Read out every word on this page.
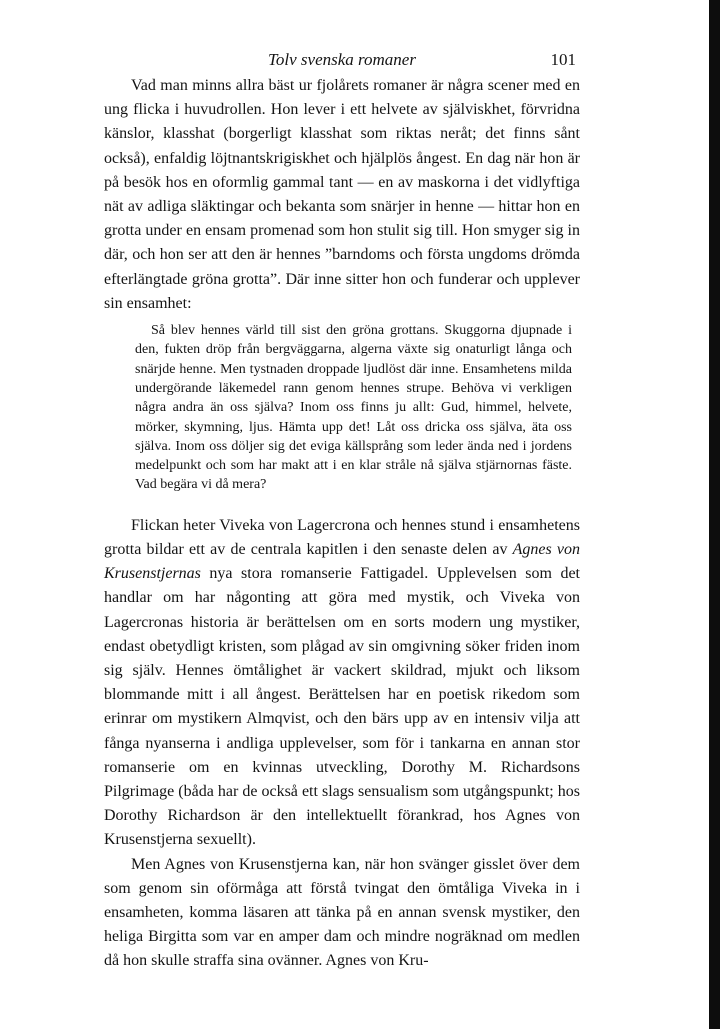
Tolv svenska romaner	101

Vad man minns allra bäst ur fjolårets romaner är några scener med en ung flicka i huvudrollen. Hon lever i ett helvete av själviskhet, förvridna känslor, klasshat (borgerligt klasshat som riktas neråt; det finns sånt också), enfaldig löjtnantskrigiskhet och hjälplös ångest. En dag när hon är på besök hos en oformlig gammal tant — en av maskorna i det vidlyftiga nät av adliga släktingar och bekanta som snärjer in henne — hittar hon en grotta under en ensam promenad som hon stulit sig till. Hon smyger sig in där, och hon ser att den är hennes ”barndoms och första ungdoms drömda efterlängtade gröna grotta”. Där inne sitter hon och funderar och upplever sin ensamhet:

Så blev hennes värld till sist den gröna grottans. Skuggorna djupnade i den, fukten dröp från bergväggarna, algerna växte sig onaturligt långa och snärjde henne. Men tystnaden droppade ljudlöst där inne. Ensamhetens milda undergörande läkemedel rann genom hennes strupe. Behöva vi verkligen några andra än oss själva? Inom oss finns ju allt: Gud, himmel, helvete, mörker, skymning, ljus. Hämta upp det! Låt oss dricka oss själva, äta oss själva. Inom oss döljer sig det eviga källsprång som leder ända ned i jordens medelpunkt och som har makt att i en klar stråle nå själva stjärnornas fäste. Vad begära vi då mera?

Flickan heter Viveka von Lagercrona och hennes stund i ensamhetens grotta bildar ett av de centrala kapitlen i den senaste delen av Agnes von Krusenstjernas nya stora romanserie Fattigadel. Upplevelsen som det handlar om har någonting att göra med mystik, och Viveka von Lagercronas historia är berättelsen om en sorts modern ung mystiker, endast obetydligt kristen, som plågad av sin omgivning söker friden inom sig själv. Hennes ömtålighet är vackert skildrad, mjukt och liksom blommande mitt i all ångest. Berättelsen har en poetisk rikedom som erinrar om mystikern Almqvist, och den bärs upp av en intensiv vilja att fånga nyanserna i andliga upplevelser, som för i tankarna en annan stor romanserie om en kvinnas utveckling, Dorothy M. Richardsons Pilgrimage (båda har de också ett slags sensualism som utgångspunkt; hos Dorothy Richardson är den intellektuellt förankrad, hos Agnes von Krusenstjerna sexuellt).

Men Agnes von Krusenstjerna kan, när hon svänger gisslet över dem som genom sin oförmåga att förstå tvingat den ömtåliga Viveka in i ensamheten, komma läsaren att tänka på en annan svensk mystiker, den heliga Birgitta som var en amper dam och mindre nogräknad om medlen då hon skulle straffa sina ovänner. Agnes von Kru-
